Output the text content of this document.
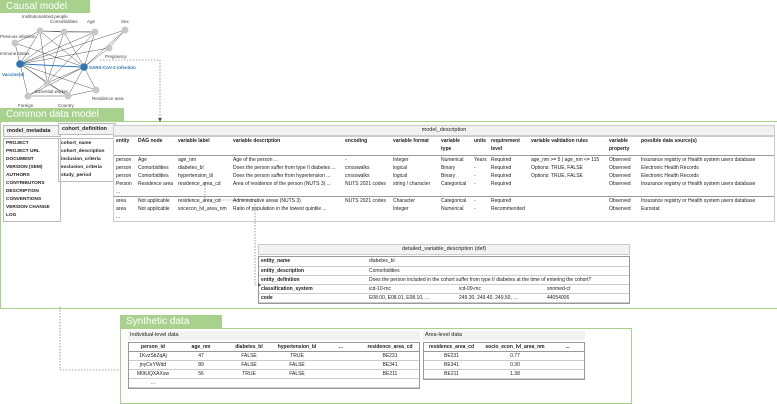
Causal model
Institutionalized people
Comorbidities Age	Sex
Previous infection
Pregnancy
Immune status
Vaccine(s)
SARS-CoV-2 infection
Essential worker
Residence area
Foreign	Country
Common data model
model_metadata	cohort_definition
PROJECT
PROJECT URL
DOCUMENT
VERSION (SEM)
AUTHORS
CONTRIBUTORS
DESCRIPTION
CONVENTIONS
VERSION CHANGE LOG
cohort_name
cohort_description
inclusion_criteria
exclusion_criteria
study_period
model_description
entity	DAG node	variable label	variable description	encoding	variable format	variable type	units	requirement level	variable validation rules	variable property	possible data source(s)
person	Age	age_nm	Age of the person ...	-	Integer	Numerical	Years	Required	age_nm >= 5 | age_nm <= 115	Observed	Insurance registry or Health system users database
person	Comorbidities	diabetes_bl	Does the person suffer from type II diabetes ...	crosswalks	logical	Binary	-	Required	Options: TRUE, FALSE	Observed	Electronic Health Records
person	Comorbidities	hypertension_bl	Does the person suffer from hypertension ...	crosswalks	logical	Binary	-	Required	Options: TRUE, FALSE	Observed	Electronic Health Records
Person	Residence area	residence_area_cd	Area of residence of the person (NUTS 3) ...	NUTS 2021 codes	string / character	Categorical	-	Required		Observed	Insurance registry or Health system users database
...											
area	Not applicable	residence_area_cd	Administrative areas (NUTS 3)	NUTS 2021 codes	Character	Categorical	-	Required		Observed	Insurance registry or Health system users database
area	Not applicable	socecon_lvl_area_nm	Ratio of population in the lowest quintile ...		Integer	Numerical	-	Recommended		Observed	Eurostat
...											
detailed_variable_description (def)
entity_name	diabetes_bl		
entity_description	Comorbidities		
entity_definition	Does the person included in the cohort suffer from type II diabetes at the time of entering the cohort?		
classification_system	icd-10-mc	icd-09-mc	snomed-ct
code	E08.00, E08.01, E08.10, ...	249.30, 249.40, 249.50, ...	44054006
Synthetic data
Individual-level data
person_id	age_nm	diabetes_bl	hypertension_bl	...	residence_area_cd
1KvzSbZqAj	47	FALSE	TRUE		BE231
jnyCeYWdd	89	FALSE	FALSE		BE341
M0tUQXAXsw	56	TRUE	FALSE		BE211
...					
Area-level data
residence_area_cd	socio_econ_lvl_area_nm	...
BE231	0.77	
BE341	0.30	
BE211	1.38	
